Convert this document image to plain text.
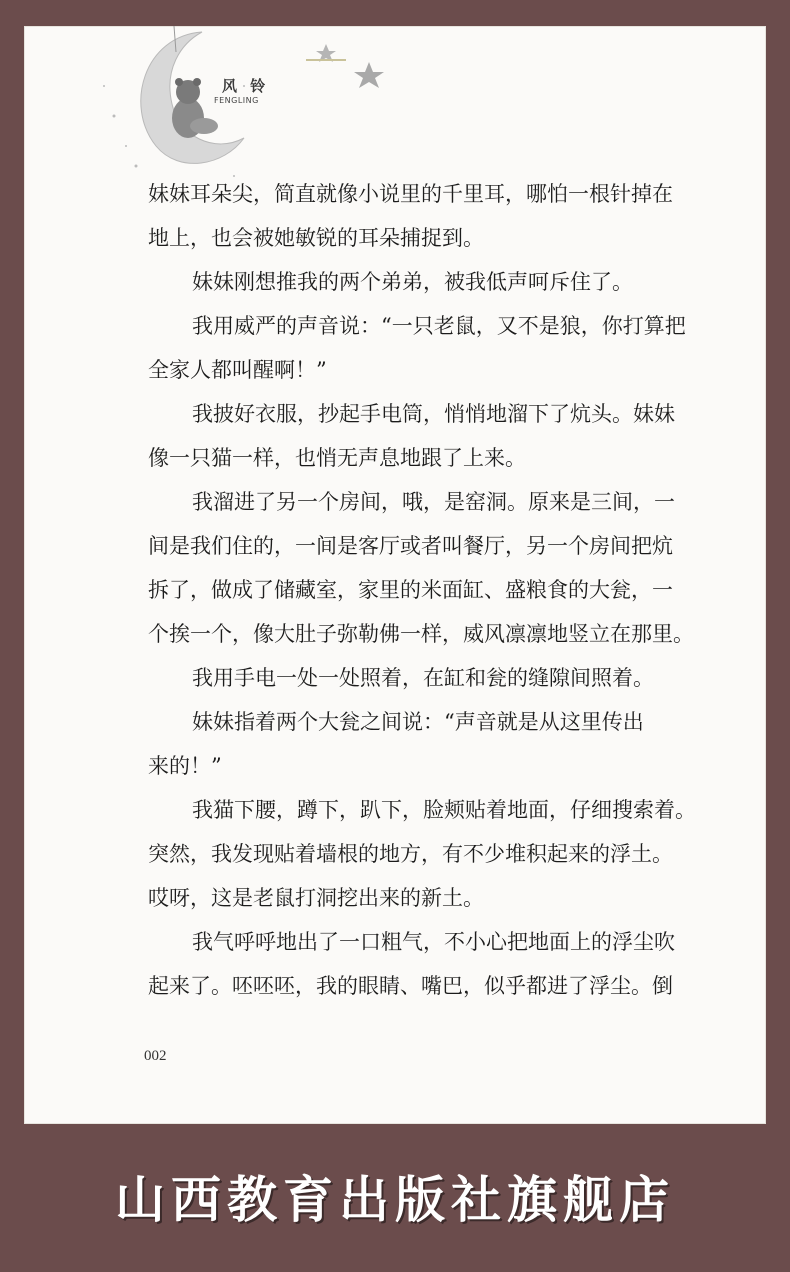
风 铃
FENGLING
妹妹耳朵尖，简直就像小说里的千里耳，哪怕一根针掉在
地上，也会被她敏锐的耳朵捕捉到。
妹妹刚想推我的两个弟弟，被我低声呵斥住了。
我用威严的声音说：“一只老鼠，又不是狼，你打算把
全家人都叫醒啊！”
我披好衣服，抄起手电筒，悄悄地溜下了炕头。妹妹
像一只猫一样，也悄无声息地跟了上来。
我溜进了另一个房间，哦，是窑洞。原来是三间，一
间是我们住的，一间是客厅或者叫餐厅，另一个房间把炕
拆了，做成了储藏室，家里的米面缸、盛粮食的大瓮，一
个挨一个，像大肚子弥勒佛一样，威风凛凛地竖立在那里。
我用手电一处一处照着，在缸和瓮的缝隙间照着。
妹妹指着两个大瓮之间说：“声音就是从这里传出
来的！”
我猫下腰，蹲下，趴下，脸颊贴着地面，仔细搜索着。
突然，我发现贴着墙根的地方，有不少堆积起来的浮土。
哎呀，这是老鼠打洞挖出来的新土。
我气呼呼地出了一口粗气，不小心把地面上的浮尘吹
起来了。呸呸呸，我的眼睛、嘴巴，似乎都进了浮尘。倒
002
山西教育出版社旗舰店
